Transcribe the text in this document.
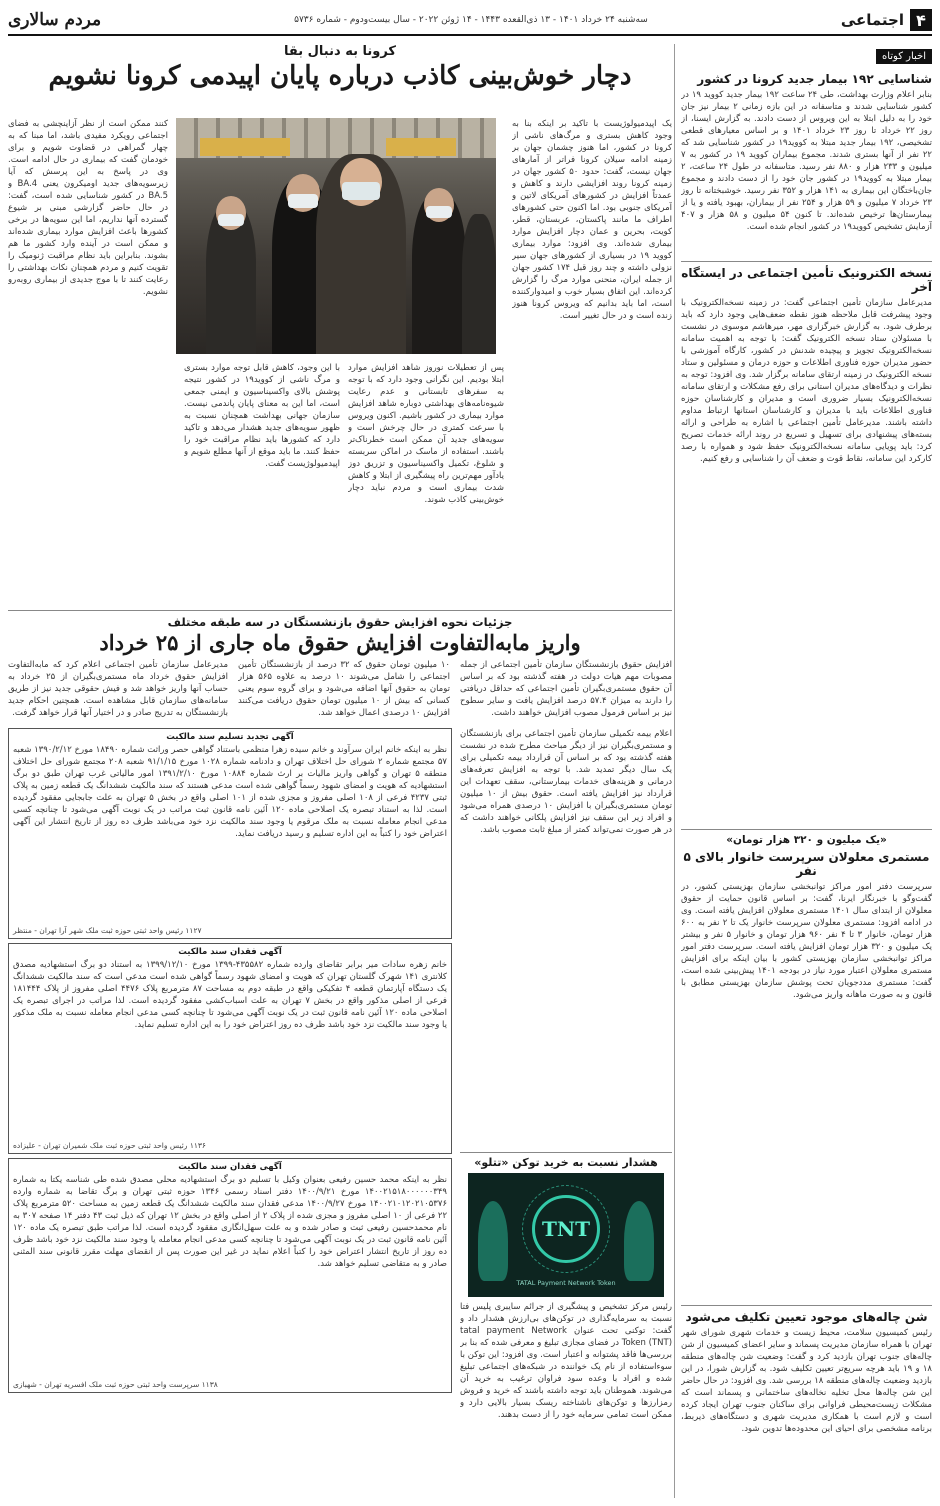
۴
اجتماعی
سه‌شنبه ۲۴ خرداد ۱۴۰۱ - ۱۳ ذی‌القعده ۱۴۴۳ - ۱۴ ژوئن ۲۰۲۲ - سال بیست‌ودوم - شماره ۵۷۳۶
مردم سالاری
اخبار کوتاه
شناسایی ۱۹۲ بیمار جدید کرونا در کشور
بنابر اعلام وزارت بهداشت، طی ۲۴ ساعت ۱۹۲ بیمار جدید کووید ۱۹ در کشور شناسایی شدند و متاسفانه در این بازه زمانی ۲ بیمار نیز جان خود را به دلیل ابتلا به این ویروس از دست دادند. به گزارش ایسنا، از روز ۲۲ خرداد تا روز ۲۳ خرداد ۱۴۰۱ و بر اساس معیارهای قطعی تشخیصی، ۱۹۲ بیمار جدید مبتلا به کووید۱۹ در کشور شناسایی شد که ۲۲ نفر از آنها بستری شدند. مجموع بیماران کووید ۱۹ در کشور به ۷ میلیون و ۲۳۳ هزار و ۸۸۰ نفر رسید. متاسفانه در طول ۲۴ ساعت، ۲ بیمار مبتلا به کووید۱۹ در کشور جان خود را از دست دادند و مجموع جان‌باختگان این بیماری به ۱۴۱ هزار و ۳۵۲ نفر رسید. خوشبختانه تا روز ۲۳ خرداد ۷ میلیون و ۵۹ هزار و ۲۵۴ نفر از بیماران، بهبود یافته و یا از بیمارستان‌ها ترخیص شده‌اند. تا کنون ۵۴ میلیون و ۵۸ هزار و ۴۰۷ آزمایش تشخیص کووید۱۹ در کشور انجام شده است.
نسخه الکترونیک تأمین اجتماعی در ایستگاه آخر
مدیرعامل سازمان تأمین اجتماعی گفت: در زمینه نسخه‌الکترونیک با وجود پیشرفت قابل ملاحظه هنوز نقطه ضعف‌هایی وجود دارد که باید برطرف شود. به گزارش خبرگزاری مهر، میرهاشم موسوی در نشست با مسئولان ستاد نسخه الکترونیک گفت: با توجه به اهمیت سامانه نسخه‌الکترونیک تجویز و پیچیده شدنش در کشور، کارگاه آموزشی با حضور مدیران حوزه فناوری اطلاعات و حوزه درمان و مسئولین و ستاد نسخه الکترونیک در زمینه ارتقای سامانه برگزار شد. وی افزود: توجه به نظرات و دیدگاه‌های مدیران استانی برای رفع مشکلات و ارتقای سامانه نسخه‌الکترونیک بسیار ضروری است و مدیران و کارشناسان حوزه فناوری اطلاعات باید با مدیران و کارشناسان استانها ارتباط مداوم داشته باشند. مدیرعامل تأمین اجتماعی با اشاره به طراحی و ارائه بسته‌های پیشنهادی برای تسهیل و تسریع در روند ارائه خدمات تصریح کرد: باید پویایی سامانه نسخه‌الکترونیک حفظ شود و همواره با رصد کارکرد این سامانه، نقاط قوت و ضعف آن را شناسایی و رفع کنیم.
«یک میلیون و ۳۲۰ هزار تومان»
مستمری معلولان سرپرست خانوار بالای ۵ نفر
سرپرست دفتر امور مراکز توانبخشی سازمان بهزیستی کشور، در گفت‌وگو با خبرنگار ایرنا، گفت: بر اساس قانون حمایت از حقوق معلولان از ابتدای سال ۱۴۰۱ مستمری معلولان افزایش یافته است. وی در ادامه افزود: مستمری معلولان سرپرست خانوار یک تا ۲ نفر به ۶۰۰ هزار تومان، خانوار ۳ تا ۴ نفر ۹۶۰ هزار تومان و خانوار ۵ نفر و بیشتر یک میلیون و ۳۲۰ هزار تومان افزایش یافته است. سرپرست دفتر امور مراکز توانبخشی سازمان بهزیستی کشور با بیان اینکه برای افزایش مستمری معلولان اعتبار مورد نیاز در بودجه ۱۴۰۱ پیش‌بینی شده است، گفت: مستمری مددجویان تحت پوشش سازمان بهزیستی مطابق با قانون و به صورت ماهانه واریز می‌شود.
شن چاله‌های موجود تعیین تکلیف می‌شود
رئیس کمیسیون سلامت، محیط زیست و خدمات شهری شورای شهر تهران با همراه سازمان مدیریت پسماند و سایر اعضای کمیسیون از شن چاله‌های جنوب تهران بازدید کرد و گفت: وضعیت شن چاله‌های منطقه ۱۸ و ۱۹ باید هرچه سریع‌تر تعیین تکلیف شود. به گزارش شورا، در این بازدید وضعیت چاله‌های منطقه ۱۸ بررسی شد. وی افزود: در حال حاضر این شن چاله‌ها محل تخلیه نخاله‌های ساختمانی و پسماند است که مشکلات زیست‌محیطی فراوانی برای ساکنان جنوب تهران ایجاد کرده است و لازم است با همکاری مدیریت شهری و دستگاه‌های ذیربط، برنامه مشخصی برای احیای این محدوده‌ها تدوین شود.
کرونا به دنبال بقا
دچار خوش‌بینی کاذب درباره پایان اپیدمی کرونا نشویم
یک اپیدمیولوژیست با تاکید بر اینکه بنا به وجود کاهش بستری و مرگ‌های ناشی از کرونا در کشور، اما هنوز چشمان جهان بر زمینه ادامه سیلان کرونا فراتر از آمار‌های جهان نیست، گفت: حدود ۵۰ کشور جهان در زمینه کرونا روند افزایشی دارند و کاهش و عمدتاً افزایش در کشورهای آمریکای لاتین و آمریکای جنوبی بود. اما اکنون حتی کشورهای اطراف ما مانند پاکستان، عربستان، قطر، کویت، بحرین و عمان دچار افزایش موارد بیماری شده‌اند. وی افزود: موارد بیماری کووید ۱۹ در بسیاری از کشورهای جهان سیر نزولی داشته و چند روز قبل ۱۷۴ کشور جهان از جمله ایران، منحنی موارد مرگ را گزارش کرده‌اند. این اتفاق بسیار خوب و امیدوارکننده است، اما باید بدانیم که ویروس کرونا هنوز زنده است و در حال تغییر است.
پس از تعطیلات نوروز شاهد افزایش موارد ابتلا بودیم. این نگرانی وجود دارد که با توجه به سفرهای تابستانی و عدم رعایت شیوه‌نامه‌های بهداشتی دوباره شاهد افزایش موارد بیماری در کشور باشیم. اکنون ویروس با سرعت کمتری در حال چرخش است و سویه‌های جدید آن ممکن است خطرناک‌تر باشند. استفاده از ماسک در اماکن سربسته و شلوغ، تکمیل واکسیناسیون و تزریق دوز یادآور مهم‌ترین راه پیشگیری از ابتلا و کاهش شدت بیماری است و مردم نباید دچار خوش‌بینی کاذب شوند.
با این وجود، کاهش قابل توجه موارد بستری و مرگ ناشی از کووید۱۹ در کشور نتیجه پوشش بالای واکسیناسیون و ایمنی جمعی است، اما این به معنای پایان پاندمی نیست. سازمان جهانی بهداشت همچنان نسبت به ظهور سویه‌های جدید هشدار می‌دهد و تاکید دارد که کشورها باید نظام مراقبت خود را حفظ کنند. ما باید موقع از آنها مطلع شویم و اپیدمیولوژیست گفت.
کنند ممکن است از نظر آزاینچشی به فضای اجتماعی رویکرد مفیدی باشد، اما مبنا که به چهار گمراهی در قضاوت شویم و برای خودمان گفت که بیماری در حال ادامه است. وی در پاسخ به این پرسش که آیا زیرسویه‌های جدید اومیکرون یعنی BA.4 و BA.5 در کشور شناسایی شده است، گفت: در حال حاضر گزارشی مبنی بر شیوع گسترده آنها نداریم، اما این سویه‌ها در برخی کشورها باعث افزایش موارد بیماری شده‌اند و ممکن است در آینده وارد کشور ما هم بشوند. بنابراین باید نظام مراقبت ژنومیک را تقویت کنیم و مردم همچنان نکات بهداشتی را رعایت کنند تا با موج جدیدی از بیماری روبه‌رو نشویم.
جزئیات نحوه افزایش حقوق بازنشستگان در سه طبقه مختلف
واریز مابه‌التفاوت افزایش حقوق ماه جاری از ۲۵ خرداد
افزایش حقوق بازنشستگان سازمان تأمین اجتماعی از جمله مصوبات مهم هیات دولت در هفته گذشته بود که بر اساس آن حقوق مستمری‌بگیران تأمین اجتماعی که حداقل دریافتی را دارند به میزان ۵۷.۴ درصد افزایش یافت و سایر سطوح نیز بر اساس فرمول مصوب افزایش خواهند داشت.
۱۰ میلیون تومان حقوق که ۳۲ درصد از بازنشستگان تأمین اجتماعی را شامل می‌شوند ۱۰ درصد به علاوه ۵۶۵ هزار تومان به حقوق آنها اضافه می‌شود و برای گروه سوم یعنی کسانی که بیش از ۱۰ میلیون تومان حقوق دریافت می‌کنند افزایش ۱۰ درصدی اعمال خواهد شد.
مدیرعامل سازمان تأمین اجتماعی اعلام کرد که مابه‌التفاوت افزایش حقوق خرداد ماه مستمری‌بگیران از ۲۵ خرداد به حساب آنها واریز خواهد شد و فیش حقوقی جدید نیز از طریق سامانه‌های سازمان قابل مشاهده است. همچنین احکام جدید بازنشستگان به تدریج صادر و در اختیار آنها قرار خواهد گرفت.
آگهی تجدید تسلیم سند مالکیت
نظر به اینکه خانم ایران سرآوند و خانم سیده زهرا منظمی باستناد گواهی حصر وراثت شماره ۱۸۴۹۰ مورخ ۱۳۹۰/۲/۱۲ شعبه ۵۷ مجتمع شماره ۲ شورای حل اختلاف تهران و دادنامه شماره ۱۰۲۸ مورخ ۹۱/۱/۱۵ شعبه ۲۰۸ مجتمع شورای حل اختلاف منطقه ۵ تهران و گواهی واریز مالیات بر ارث شماره ۱۰۸۸۴ مورخ ۱۳۹۱/۲/۱۰ امور مالیاتی غرب تهران طبق دو برگ استشهادیه که هویت و امضای شهود رسماً گواهی شده است مدعی هستند که سند مالکیت ششدانگ یک قطعه زمین به پلاک ثبتی ۴۲۳۷ فرعی از ۱۰۸ اصلی مفروز و مجزی شده از ۱۰۱ اصلی واقع در بخش ۵ تهران به علت جابجایی مفقود گردیده است. لذا به استناد تبصره یک اصلاحی ماده ۱۲۰ آئین نامه قانون ثبت مراتب در یک نوبت آگهی می‌شود تا چنانچه کسی مدعی انجام معامله نسبت به ملک مرقوم یا وجود سند مالکیت نزد خود می‌باشد ظرف ده روز از تاریخ انتشار این آگهی اعتراض خود را کتباً به این اداره تسلیم و رسید دریافت نماید.
۱۱۲۷ رئیس واحد ثبتی حوزه ثبت ملک شهر آرا تهران - منتظر
آگهی فقدان سند مالکیت
خانم زهره سادات میر برابر تقاضای وارده شماره ۴۳۵۵۸۲-۱۳۹۹ مورخ ۱۳۹۹/۱۲/۱۰ به استناد دو برگ استشهادیه مصدق کلانتری ۱۴۱ شهرک گلستان تهران که هویت و امضای شهود رسماً گواهی شده است مدعی است که سند مالکیت ششدانگ یک دستگاه آپارتمان قطعه ۴ تفکیکی واقع در طبقه دوم به مساحت ۸۷ مترمربع پلاک ۴۴۷۶ اصلی مفروز از پلاک ۱۸۱۴۴۴ فرعی از اصلی مذکور واقع در بخش ۷ تهران به علت اسباب‌کشی مفقود گردیده است. لذا مراتب در اجرای تبصره یک اصلاحی ماده ۱۲۰ آئین نامه قانون ثبت در یک نوبت آگهی می‌شود تا چنانچه کسی مدعی انجام معامله نسبت به ملک مذکور یا وجود سند مالکیت نزد خود باشد ظرف ده روز اعتراض خود را به این اداره تسلیم نماید.
۱۱۳۶ رئیس واحد ثبتی حوزه ثبت ملک شمیران تهران - علیزاده
آگهی فقدان سند مالکیت
نظر به اینکه محمد حسین رفیعی بعنوان وکیل با تسلیم دو برگ استشهادیه محلی مصدق شده طی شناسه یکتا به شماره ۱۴۰۰۲۱۵۱۸۰۰۰۰۰۰۳۴۹ مورخ ۱۴۰۰/۹/۲۱ دفتر اسناد رسمی ۱۳۴۶ حوزه ثبتی تهران و برگ تقاضا به شماره وارده ۱۴۰۰۲۱۰۱۲۰۲۱۰۵۳۷۶ مورخ ۱۴۰۰/۹/۲۷ مدعی فقدان سند مالکیت ششدانگ یک قطعه زمین به مساحت ۵۲۰ مترمربع پلاک ۲۲ فرعی از ۱۰ اصلی مفروز و مجزی شده از پلاک ۲ از اصلی واقع در بخش ۱۲ تهران که ذیل ثبت ۴۳ دفتر ۱۴ صفحه ۳۰۷ به نام محمدحسین رفیعی ثبت و صادر شده و به علت سهل‌انگاری مفقود گردیده است. لذا مراتب طبق تبصره یک ماده ۱۲۰ آئین نامه قانون ثبت در یک نوبت آگهی می‌شود تا چنانچه کسی مدعی انجام معامله یا وجود سند مالکیت نزد خود باشد ظرف ده روز از تاریخ انتشار اعتراض خود را کتباً اعلام نماید در غیر این صورت پس از انقضای مهلت مقرر قانونی سند المثنی صادر و به متقاضی تسلیم خواهد شد.
۱۱۳۸ سرپرست واحد ثبتی حوزه ثبت ملک افسریه تهران - شهبازی
اعلام بیمه تکمیلی سازمان تأمین اجتماعی برای بازنشستگان و مستمری‌بگیران نیز از دیگر مباحث مطرح شده در نشست هفته گذشته بود که بر اساس آن قرارداد بیمه تکمیلی برای یک سال دیگر تمدید شد. با توجه به افزایش تعرفه‌های درمانی و هزینه‌های خدمات بیمارستانی، سقف تعهدات این قرارداد نیز افزایش یافته است. حقوق بیش از ۱۰ میلیون تومان مستمری‌بگیران با افزایش ۱۰ درصدی همراه می‌شود و افراد زیر این سقف نیز افزایش پلکانی خواهند داشت که در هر صورت نمی‌تواند کمتر از مبلغ ثابت مصوب باشد.
هشدار نسبت به خرید توکن «تتلو»
TNT
TATAL Payment Network Token
رئیس مرکز تشخیص و پیشگیری از جرائم سایبری پلیس فتا نسبت به سرمایه‌گذاری در توکن‌های بی‌ارزش هشدار داد و گفت: توکنی تحت عنوان tatal payment Network Token (TNT) در فضای مجازی تبلیغ و معرفی شده که بنا بر بررسی‌ها فاقد پشتوانه و اعتبار است. وی افزود: این توکن با سوءاستفاده از نام یک خواننده در شبکه‌های اجتماعی تبلیغ شده و افراد با وعده سود فراوان ترغیب به خرید آن می‌شوند. هموطنان باید توجه داشته باشند که خرید و فروش رمزارزها و توکن‌های ناشناخته ریسک بسیار بالایی دارد و ممکن است تمامی سرمایه خود را از دست بدهند.
